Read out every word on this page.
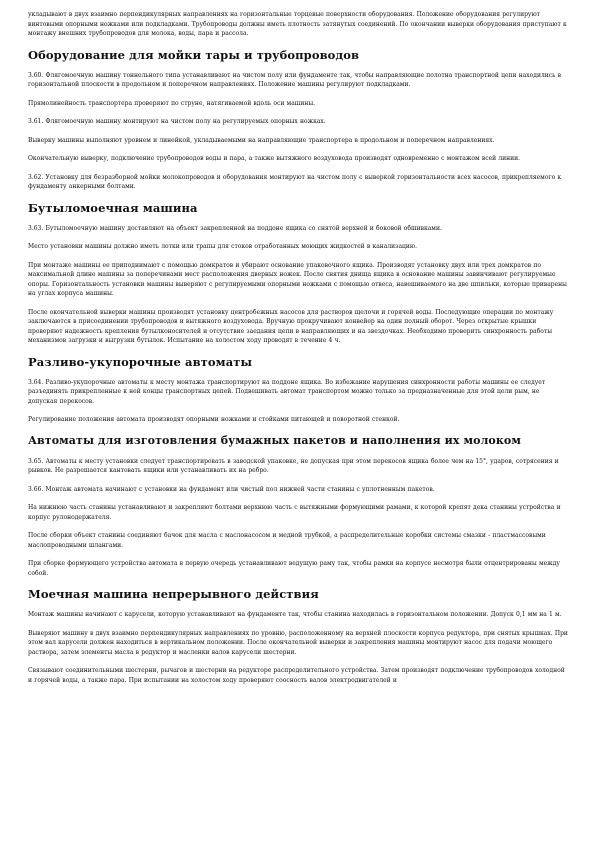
укладывают в двух взаимно перпендикулярных направлениях на горизонтальные торцевые поверхности оборудования. Положение оборудования регулируют винтовыми опорными ножками или подкладками. Трубопроводы должны иметь плотность затянутых соединений. По окончании выверки оборудования приступают к монтажу внешних трубопроводов для молока, воды, пара и рассола.

Оборудование для мойки тары и трубопроводов

3.60. Флягомоечную машину тоннельного типа устанавливают на чистом полу или фундаменте так, чтобы направляющие полотна транспортной цепи находились в горизонтальной плоскости в продольном и поперечном направлениях. Положение машины регулируют подкладками.

Прямолинейность транспортера проверяют по струне, натягиваемой вдоль оси машины.

3.61. Флягомоечную машину монтируют на чистом полу на регулируемых опорных ножках.

Выверку машины выполняют уровнем и линейкой, укладываемыми на направляющие транспортера в продольном и поперечном направлениях.

Окончательную выверку, подключение трубопроводов воды и пара, а также вытяжного воздуховода производят одновременно с монтажом всей линии.

3.62. Установку для безразборной мойки молокопроводов и оборудования монтируют на чистом полу с выверкой горизонтальности всех насосов, прикрепляемого к фундаменту анкерными болтами.

Бутыломоечная машина

3.63. Бутыломоечную машину доставляют на объект закрепленной на поддоне ящика со снятой верхней и боковой обшивками.

Место установки машины должно иметь лотки или трапы для стоков отработанных моющих жидкостей в канализацию.

При монтаже машины ее приподнимают с помощью домкратов и убирают основание упаковочного ящика. Производят установку двух или трех домкратов по максимальной длине машины за поперечинами мест расположения дверных ножек. После снятия днища ящика в основание машины завинчивают регулируемые опоры. Горизонтальность установки машины выверяют с регулируемыми опорными ножками с помощью отвеса, навешиваемого на две шпильки, которые приварены на углах корпуса машины.

После окончательной выверки машины производят установку центробежных насосов для растворов щелочи и горячей воды. Последующие операции по монтажу заключаются в присоединении трубопроводов и вытяжного воздуховода. Вручную прокручивают конвейер на один полный оборот. Через открытые крышки проверяют надежность крепления бутылконосителей и отсутствие заедания цепи в направляющих и на звездочках. Необходимо проверить синхронность работы механизмов загрузки и выгрузки бутылок. Испытание на холостом ходу проводят в течение 4 ч.

Разливо-укупорочные автоматы

3.64. Разливо-укупорочные автоматы к месту монтажа транспортируют на поддоне ящика. Во избежание нарушения синхронности работы машины ее следует разъединять прикрепленные к ней концы транспортных цепей. Подвешивать автомат транспортом можно только за предназначенные для этой цели рым, не допуская перекосов.

Регулирование положения автомата производят опорными ножками и стойками питающей и поворотной стенкой.

Автоматы для изготовления бумажных пакетов и наполнения их молоком

3.65. Автоматы к месту установки следует транспортировать в заводской упаковке, не допуская при этом перекосов ящика более чем на 15°, ударов, сотрясения и рывков. Не разрешается кантовать ящики или устанавливать их на ребро.

3.66. Монтаж автомата начинают с установки на фундамент или чистый пол нижней части станины с уплотненным пакетов.

На нижнюю часть станины устанавливают и закрепляют болтами верхнюю часть с вытяжными формующими рамами, к которой крепят дека станины устройства и корпус рулонодержателя.

После сборки объект станины соединяют бачок для масла с маслонасосом и медной трубкой, а распределительные коробки системы смазки - пластмассовыми маслопроводными шлангами.

При сборке формующего устройства автомата в первую очередь устанавливают ведущую раму так, чтобы рамки на корпусе несмотря были отцентрированы между собой.

Моечная машина непрерывного действия

Монтаж машины начинают с карусели, которую устанавливают на фундаменте так, чтобы станина находилась в горизонтальном положении. Допуск 0,1 мм на 1 м.

Выверяют машину в двух взаимно перпендикулярных направлениях по уровню, расположенному на верхней плоскости корпуса редуктора, при снятых крышках. При этом вал карусели должен находиться в вертикальном положении. После окончательной выверки и закрепления машины монтируют насос для подачи моющего раствора, затем элементы масла в редуктор и масленки валов карусели шестерни.

Связывают соединительными шестерни, рычагов и шестерни на редукторе распределительного устройства. Затем производят подключение трубопроводов холодной и горячей воды, а также пара. При испытании на холостом ходу проверяют соосность валов электродвигателей и
